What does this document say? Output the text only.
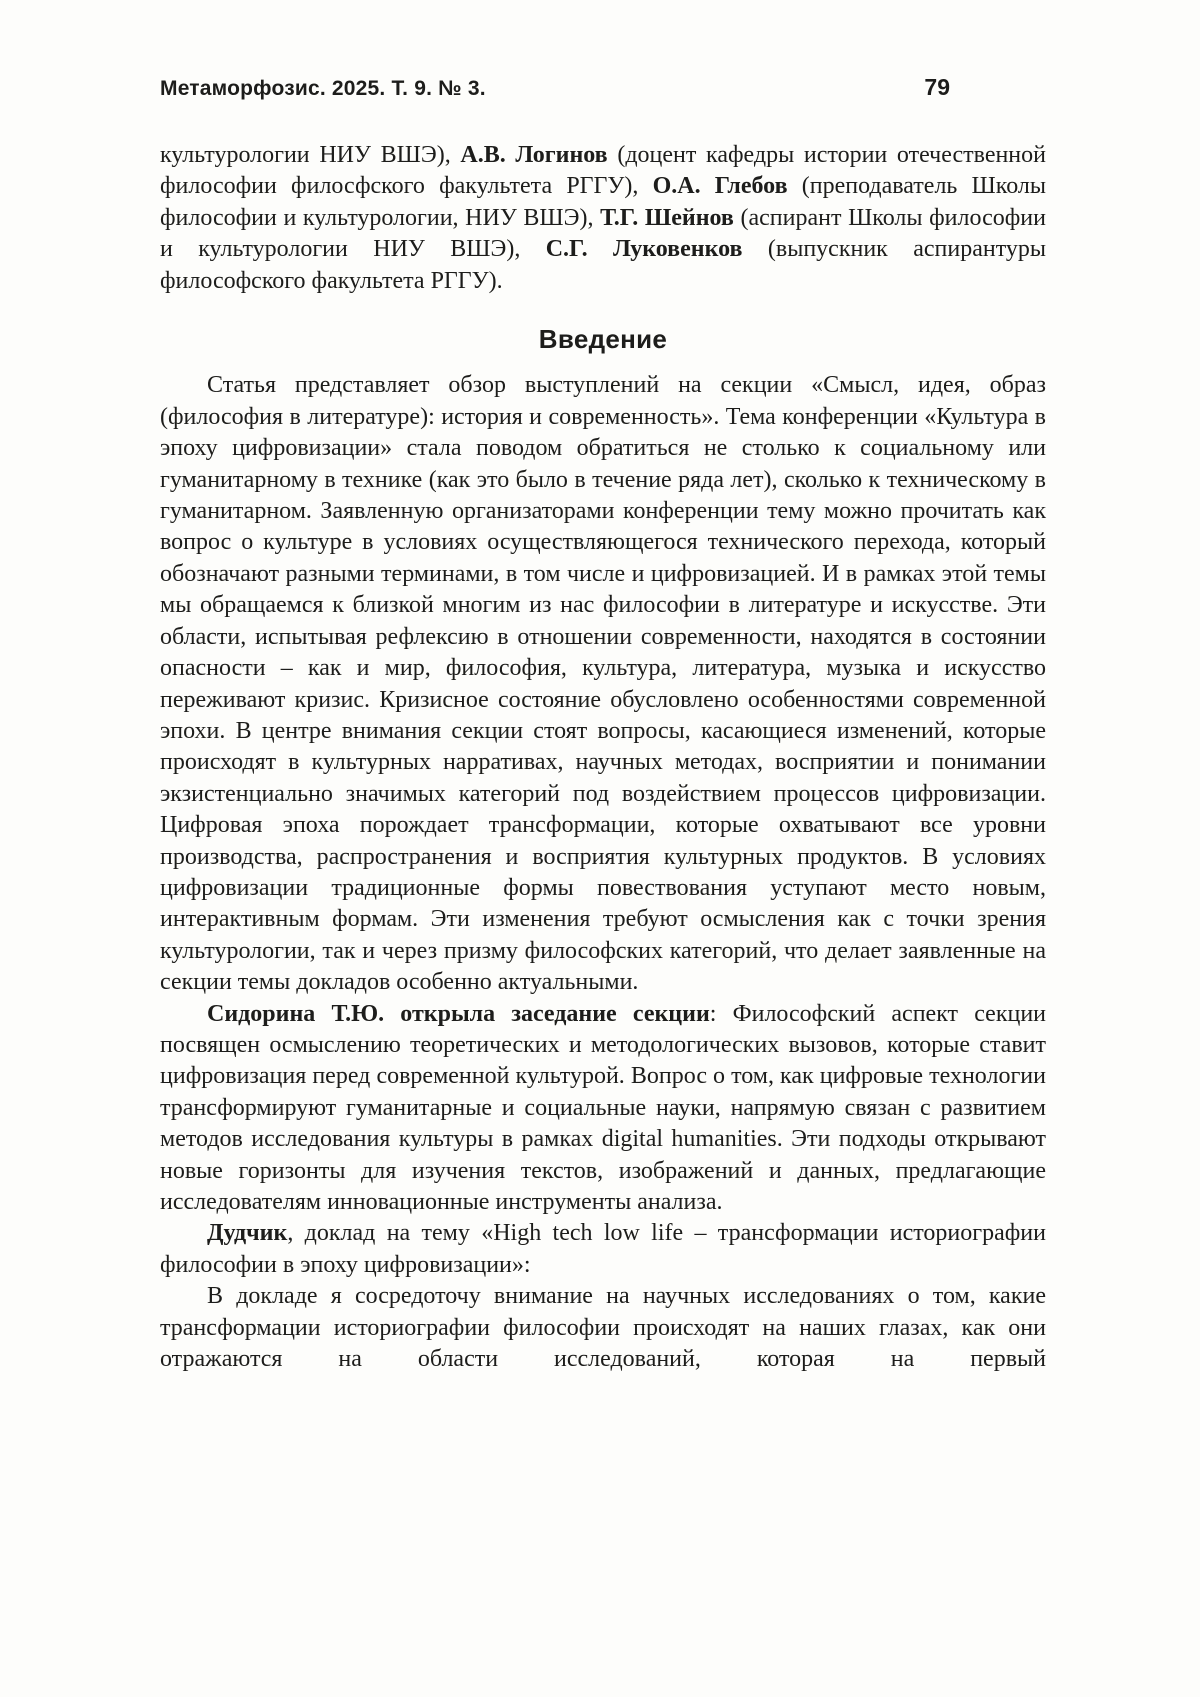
Метаморфозис. 2025. Т. 9. № 3.	79

культурологии НИУ ВШЭ), А.В. Логинов (доцент кафедры истории отечественной философии филосфского факультета РГГУ), О.А. Глебов (преподаватель Школы философии и культурологии, НИУ ВШЭ), Т.Г. Шейнов (аспирант Школы философии и культурологии НИУ ВШЭ), С.Г. Луковенков (выпускник аспирантуры философского факультета РГГУ).

Введение

Статья представляет обзор выступлений на секции «Смысл, идея, образ (философия в литературе): история и современность». Тема конференции «Культура в эпоху цифровизации» стала поводом обратиться не столько к социальному или гуманитарному в технике (как это было в течение ряда лет), сколько к техническому в гуманитарном. Заявленную организаторами конференции тему можно прочитать как вопрос о культуре в условиях осуществляющегося технического перехода, который обозначают разными терминами, в том числе и цифровизацией. И в рамках этой темы мы обращаемся к близкой многим из нас философии в литературе и искусстве. Эти области, испытывая рефлексию в отношении современности, находятся в состоянии опасности – как и мир, философия, культура, литература, музыка и искусство переживают кризис. Кризисное состояние обусловлено особенностями современной эпохи. В центре внимания секции стоят вопросы, касающиеся изменений, которые происходят в культурных нарративах, научных методах, восприятии и понимании экзистенциально значимых категорий под воздействием процессов цифровизации. Цифровая эпоха порождает трансформации, которые охватывают все уровни производства, распространения и восприятия культурных продуктов. В условиях цифровизации традиционные формы повествования уступают место новым, интерактивным формам. Эти изменения требуют осмысления как с точки зрения культурологии, так и через призму философских категорий, что делает заявленные на секции темы докладов особенно актуальными.

Сидорина Т.Ю. открыла заседание секции: Философский аспект секции посвящен осмыслению теоретических и методологических вызовов, которые ставит цифровизация перед современной культурой. Вопрос о том, как цифровые технологии трансформируют гуманитарные и социальные науки, напрямую связан с развитием методов исследования культуры в рамках digital humanities. Эти подходы открывают новые горизонты для изучения текстов, изображений и данных, предлагающие исследователям инновационные инструменты анализа.

Дудчик, доклад на тему «High tech low life – трансформации историографии философии в эпоху цифровизации»:

В докладе я сосредоточу внимание на научных исследованиях о том, какие трансформации историографии философии происходят на наших глазах, как они отражаются на области исследований, которая на первый
